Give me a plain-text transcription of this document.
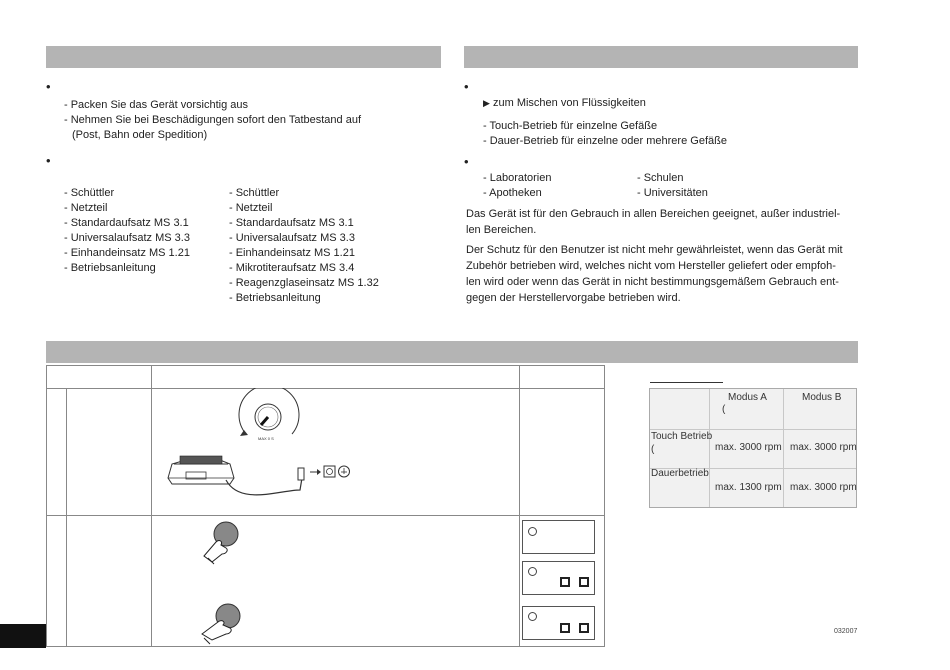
•
- Packen Sie das Gerät vorsichtig aus
- Nehmen Sie bei Beschädigungen sofort den Tatbestand auf
(Post, Bahn oder Spedition)
•
- Schüttler
- Netzteil
- Standardaufsatz MS 3.1
- Universalaufsatz MS 3.3
- Einhandeinsatz MS 1.21
- Betriebsanleitung
- Schüttler
- Netzteil
- Standardaufsatz MS 3.1
- Universalaufsatz MS 3.3
- Einhandeinsatz MS 1.21
- Mikrotiteraufsatz MS 3.4
- Reagenzglaseinsatz MS 1.32
- Betriebsanleitung
•
▶ zum Mischen von Flüssigkeiten
- Touch-Betrieb für einzelne Gefäße
- Dauer-Betrieb für einzelne oder mehrere Gefäße
•
- Laboratorien
- Apotheken
- Schulen
- Universitäten
Das Gerät ist für den Gebrauch in allen Bereichen geeignet, außer industriel-
len Bereichen.
Der Schutz für den Benutzer ist nicht mehr gewährleistet, wenn das Gerät mit
Zubehör betrieben wird, welches nicht vom Hersteller geliefert oder empfoh-
len wird oder wenn das Gerät in nicht bestimmungsgemäßem Gebrauch ent-
gegen der Herstellervorgabe betrieben wird.
MAX 0 S
Modus A
(
Modus B
Touch Betrieb
(	max. 3000 rpm max. 3000 rpm
Dauerbetrieb
max. 1300 rpm max. 3000 rpm
032007
